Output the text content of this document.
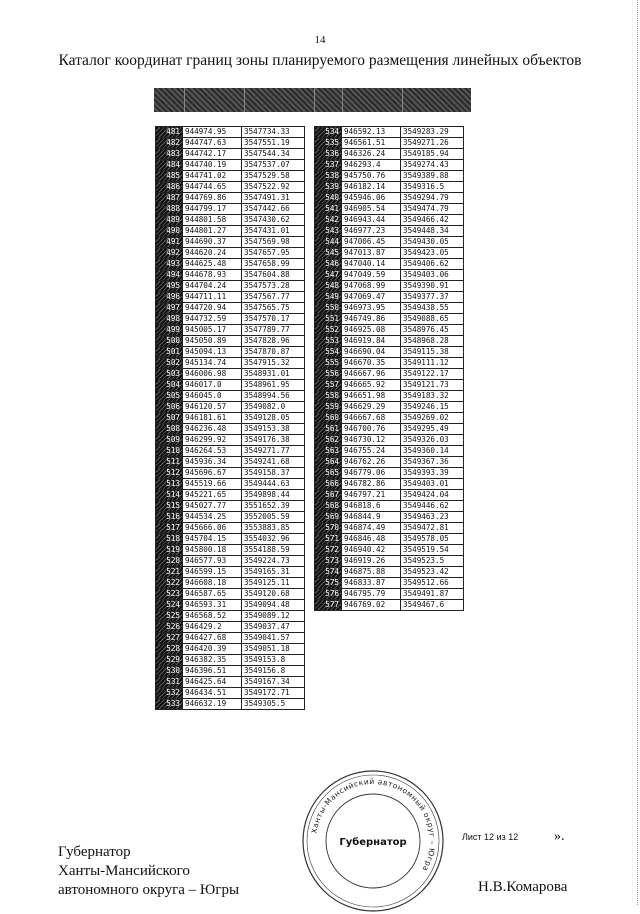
14
Каталог координат границ зоны планируемого размещения линейных объектов
481	944974.95	3547734.33
482	944747.63	3547551.19
483	944742.17	3547544.34
484	944740.19	3547537.07
485	944741.02	3547529.58
486	944744.65	3547522.92
487	944769.86	3547491.31
488	944799.17	3547442.66
489	944801.58	3547430.62
490	944801.27	3547431.01
491	944690.37	3547569.98
492	944620.24	3547657.95
493	944625.48	3547658.99
494	944678.93	3547604.88
495	944704.24	3547573.28
496	944711.11	3547567.77
497	944720.94	3547565.75
498	944732.59	3547570.17
499	945005.17	3547789.77
500	945050.89	3547828.96
501	945094.13	3547870.87
502	945134.74	3547915.32
503	946006.98	3548931.01
504	946017.0	3548961.95
505	946045.0	3548994.56
506	946120.57	3549082.0
507	946181.61	3549128.05
508	946236.48	3549153.38
509	946299.92	3549176.38
510	946264.53	3549271.77
511	945936.34	3549241.68
512	945696.67	3549158.37
513	945519.66	3549444.63
514	945221.65	3549898.44
515	945027.77	3551652.39
516	944534.25	3552005.59
517	945666.06	3553883.85
518	945704.15	3554032.96
519	945800.18	3554188.59
520	946577.93	3549224.73
521	946599.15	3549165.31
522	946608.18	3549125.11
523	946587.65	3549120.68
524	946593.31	3549094.48
525	946568.52	3549089.12
526	946429.2	3549037.47
527	946427.68	3549041.57
528	946420.39	3549051.18
529	946382.35	3549153.8
530	946396.51	3549156.8
531	946425.64	3549167.34
532	946434.51	3549172.71
533	946632.19	3549305.5
534	946592.13	3549283.29
535	946561.51	3549271.26
536	946326.24	3549185.94
537	946293.4	3549274.43
538	945750.76	3549389.88
539	946182.14	3549316.5
540	945946.06	3549294.79
541	946905.54	3549474.79
542	946943.44	3549466.42
543	946977.23	3549448.34
544	947006.45	3549430.05
545	947013.87	3549423.05
546	947040.14	3549406.62
547	947049.59	3549403.06
548	947068.99	3549390.91
549	947069.47	3549377.37
550	946973.95	3549438.55
551	946749.86	3549088.65
552	946925.08	3548976.45
553	946919.84	3548968.28
554	946690.04	3549115.38
555	946670.35	3549111.12
556	946667.96	3549122.17
557	946665.92	3549121.73
558	946651.98	3549183.32
559	946629.29	3549246.15
560	946667.68	3549269.02
561	946700.76	3549295.49
562	946730.12	3549326.03
563	946755.24	3549360.14
564	946762.26	3549367.36
565	946779.06	3549393.39
566	946782.86	3549403.01
567	946797.21	3549424.04
568	946818.6	3549446.62
569	946844.9	3549463.23
570	946874.49	3549472.81
571	946846.48	3549578.05
572	946940.42	3549519.54
573	946919.26	3549523.5
574	946875.88	3549523.42
575	946833.87	3549512.66
576	946795.79	3549491.87
577	946769.02	3549467.6
Лист 12 из 12	».
Губернатор
Ханты-Мансийского
автономного округа – Югры	Н.В.Комарова
Ханты-Мансийский автономный округ – Югра
Губернатор
